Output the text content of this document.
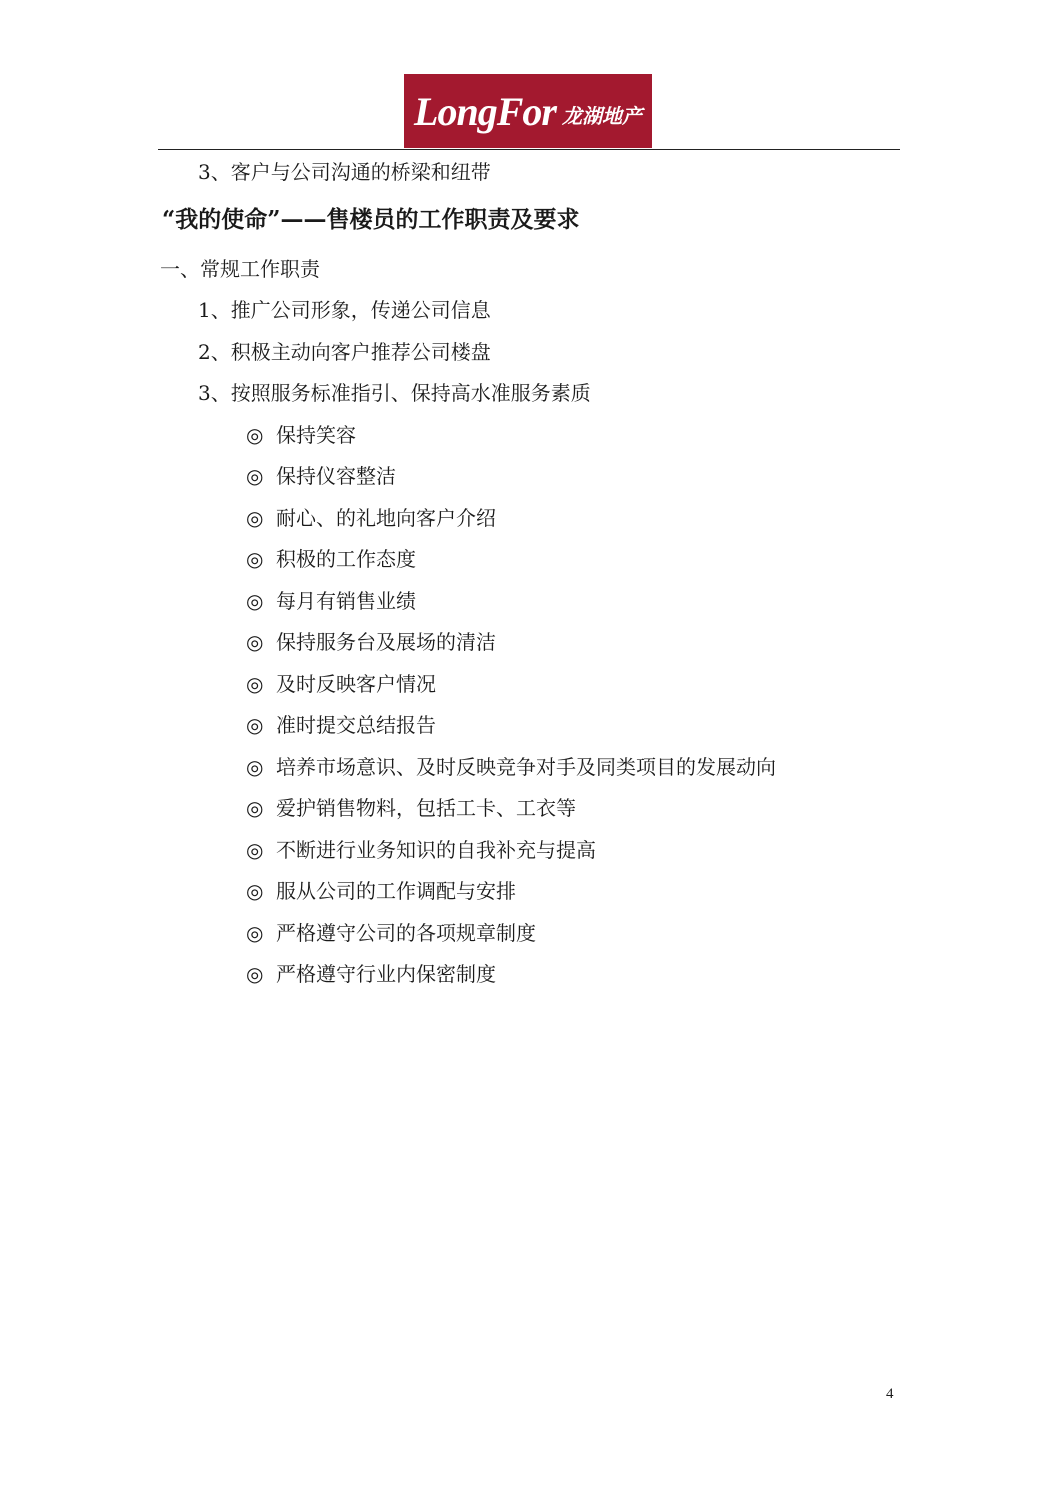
LongFor 龙湖地产
3、客户与公司沟通的桥梁和纽带
“我的使命”——售楼员的工作职责及要求
一、常规工作职责
1、推广公司形象，传递公司信息
2、积极主动向客户推荐公司楼盘
3、按照服务标准指引、保持高水准服务素质
◎ 保持笑容
◎ 保持仪容整洁
◎ 耐心、的礼地向客户介绍
◎ 积极的工作态度
◎ 每月有销售业绩
◎ 保持服务台及展场的清洁
◎ 及时反映客户情况
◎ 准时提交总结报告
◎ 培养市场意识、及时反映竞争对手及同类项目的发展动向
◎ 爱护销售物料，包括工卡、工衣等
◎ 不断进行业务知识的自我补充与提高
◎ 服从公司的工作调配与安排
◎ 严格遵守公司的各项规章制度
◎ 严格遵守行业内保密制度
4
